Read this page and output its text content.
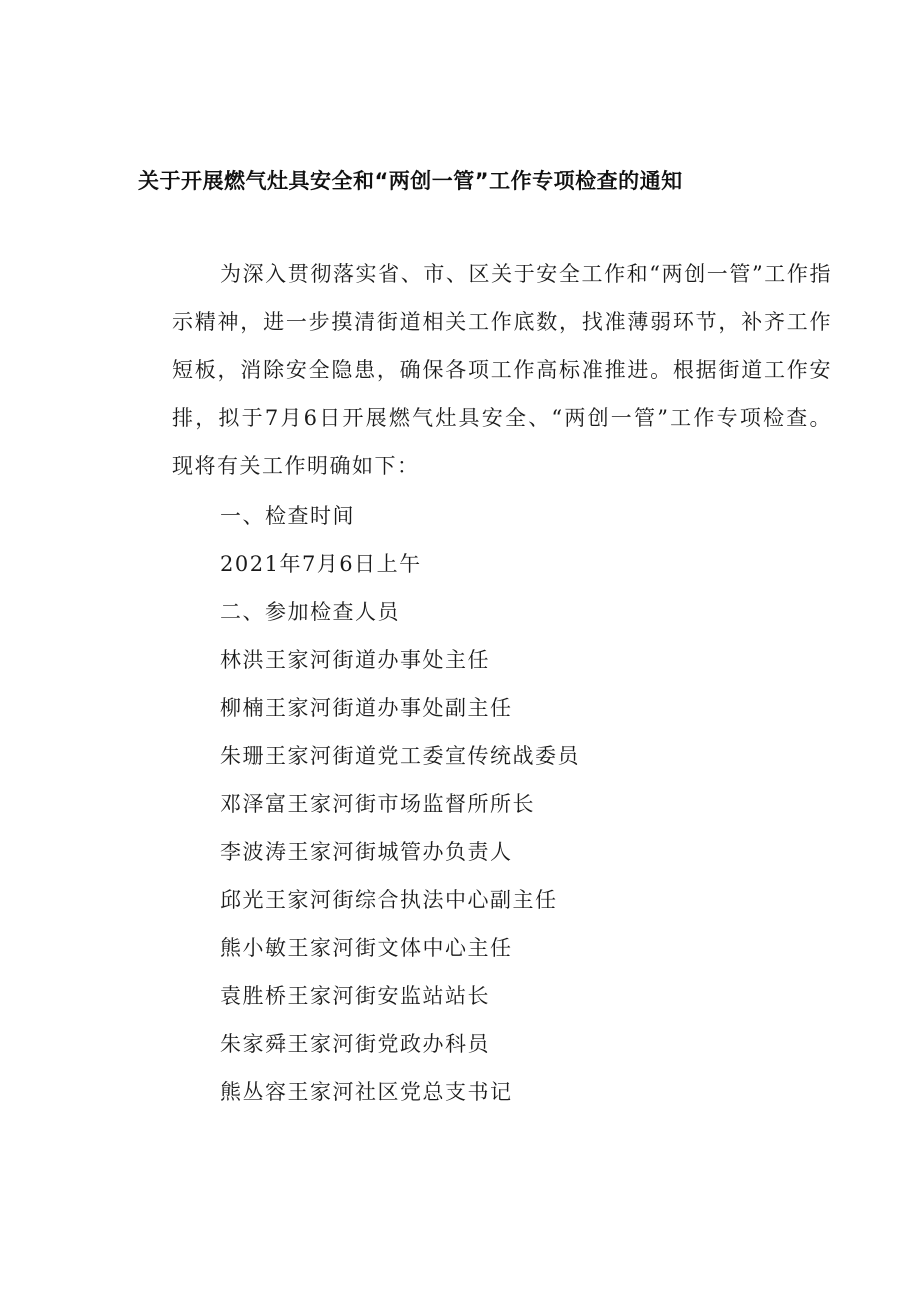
关于开展燃气灶具安全和“两创一管”工作专项检查的通知
为深入贯彻落实省、市、区关于安全工作和“两创一管”工作指示精神，进一步摸清街道相关工作底数，找准薄弱环节，补齐工作短板，消除安全隐患，确保各项工作高标准推进。根据街道工作安排，拟于7月6日开展燃气灶具安全、“两创一管”工作专项检查。现将有关工作明确如下：
一、检查时间
2021年7月6日上午
二、参加检查人员
林洪王家河街道办事处主任
柳楠王家河街道办事处副主任
朱珊王家河街道党工委宣传统战委员
邓泽富王家河街市场监督所所长
李波涛王家河街城管办负责人
邱光王家河街综合执法中心副主任
熊小敏王家河街文体中心主任
袁胜桥王家河街安监站站长
朱家舜王家河街党政办科员
熊丛容王家河社区党总支书记
